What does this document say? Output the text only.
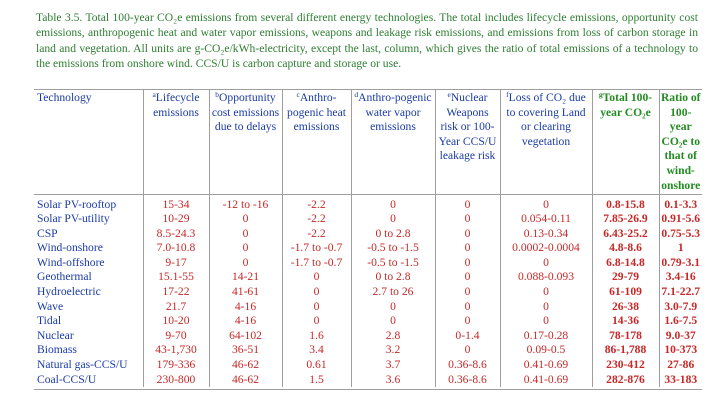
Table 3.5. Total 100-year CO₂e emissions from several different energy technologies. The total includes lifecycle emissions, opportunity cost emissions, anthropogenic heat and water vapor emissions, weapons and leakage risk emissions, and emissions from loss of carbon storage in land and vegetation. All units are g-CO₂e/kWh-electricity, except the last, column, which gives the ratio of total emissions of a technology to the emissions from onshore wind. CCS/U is carbon capture and storage or use.
Technology	$^a$Lifecycle emissions	$^b$Opportunity cost emissions due to delays	$^c$Anthro-pogenic heat emissions	$^d$Anthro-pogenic water vapor emissions	$^e$Nuclear Weapons risk or 100-Year CCS/U leakage risk	$^f$Loss of CO₂ due to covering Land or clearing vegetation	$^g$Total 100-year CO₂e	Ratio of 100-year CO₂e to that of wind-onshore
Solar PV-rooftop	15-34	-12 to -16	-2.2	0	0	0	0.8-15.8	0.1-3.3
Solar PV-utility	10-29	0	-2.2	0	0	0.054-0.11	7.85-26.9	0.91-5.6
CSP	8.5-24.3	0	-2.2	0 to 2.8	0	0.13-0.34	6.43-25.2	0.75-5.3
Wind-onshore	7.0-10.8	0	-1.7 to -0.7	-0.5 to -1.5	0	0.0002-0.0004	4.8-8.6	1
Wind-offshore	9-17	0	-1.7 to -0.7	-0.5 to -1.5	0	0	6.8-14.8	0.79-3.1
Geothermal	15.1-55	14-21	0	0 to 2.8	0	0.088-0.093	29-79	3.4-16
Hydroelectric	17-22	41-61	0	2.7 to 26	0	0	61-109	7.1-22.7
Wave	21.7	4-16	0	0	0	0	26-38	3.0-7.9
Tidal	10-20	4-16	0	0	0	0	14-36	1.6-7.5
Nuclear	9-70	64-102	1.6	2.8	0-1.4	0.17-0.28	78-178	9.0-37
Biomass	43-1,730	36-51	3.4	3.2	0	0.09-0.5	86-1,788	10-373
Natural gas-CCS/U	179-336	46-62	0.61	3.7	0.36-8.6	0.41-0.69	230-412	27-86
Coal-CCS/U	230-800	46-62	1.5	3.6	0.36-8.6	0.41-0.69	282-876	33-183
